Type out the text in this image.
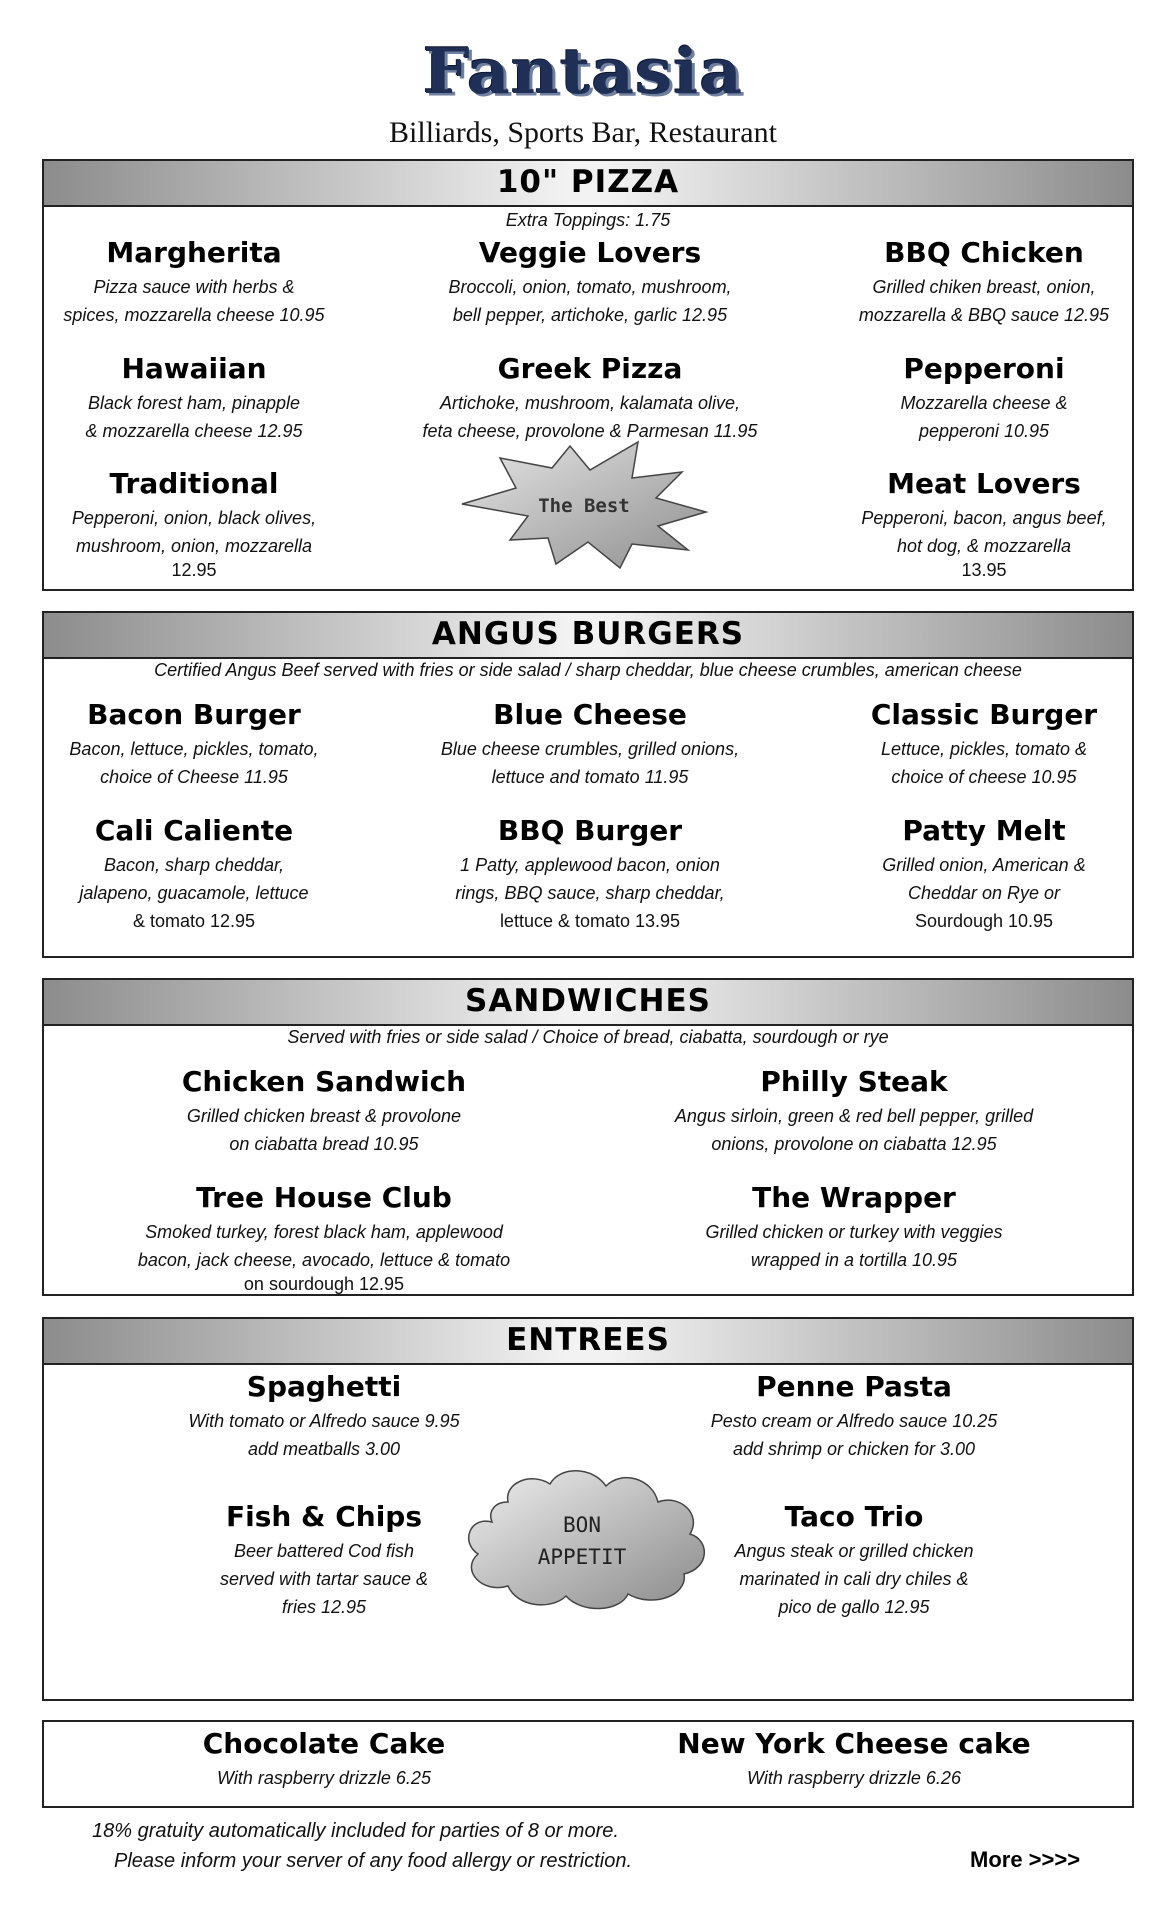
Fantasia
Billiards, Sports Bar, Restaurant
10" PIZZA
Extra Toppings: 1.75
Margherita
Pizza sauce with herbs &
spices, mozzarella cheese 10.95
Veggie Lovers
Broccoli, onion, tomato, mushroom,
bell pepper, artichoke, garlic 12.95
BBQ Chicken
Grilled chiken breast, onion,
mozzarella & BBQ sauce 12.95
Hawaiian
Black forest ham, pinapple
& mozzarella cheese 12.95
Greek Pizza
Artichoke, mushroom, kalamata olive,
feta cheese, provolone & Parmesan 11.95
Pepperoni
Mozzarella cheese &
pepperoni 10.95
Traditional
Pepperoni, onion, black olives,
mushroom, onion, mozzarella
12.95
Meat Lovers
Pepperoni, bacon, angus beef,
hot dog, & mozzarella
13.95
The Best
ANGUS BURGERS
Certified Angus Beef served with fries or side salad / sharp cheddar, blue cheese crumbles, american cheese
Bacon Burger
Bacon, lettuce, pickles, tomato,
choice of Cheese 11.95
Blue Cheese
Blue cheese crumbles, grilled onions,
lettuce and tomato 11.95
Classic Burger
Lettuce, pickles, tomato &
choice of cheese 10.95
Cali Caliente
Bacon, sharp cheddar,
jalapeno, guacamole, lettuce
& tomato 12.95
BBQ Burger
1 Patty, applewood bacon, onion
rings, BBQ sauce, sharp cheddar,
lettuce & tomato 13.95
Patty Melt
Grilled onion, American &
Cheddar on Rye or
Sourdough 10.95
SANDWICHES
Served with fries or side salad / Choice of bread, ciabatta, sourdough or rye
Chicken Sandwich
Grilled chicken breast & provolone
on ciabatta bread 10.95
Philly Steak
Angus sirloin, green & red bell pepper, grilled
onions, provolone on ciabatta 12.95
Tree House Club
Smoked turkey, forest black ham, applewood
bacon, jack cheese, avocado, lettuce & tomato
on sourdough 12.95
The Wrapper
Grilled chicken or turkey with veggies
wrapped in a tortilla 10.95
ENTREES
Spaghetti
With tomato or Alfredo sauce 9.95
add meatballs 3.00
Penne Pasta
Pesto cream or Alfredo sauce 10.25
add shrimp or chicken for 3.00
Fish & Chips
Beer battered Cod fish
served with tartar sauce &
fries 12.95
Taco Trio
Angus steak or grilled chicken
marinated in cali dry chiles &
pico de gallo 12.95
BON
APPETIT
Chocolate Cake
With raspberry drizzle 6.25
New York Cheese cake
With raspberry drizzle 6.26
18% gratuity automatically included for parties of 8 or more.
Please inform your server of any food allergy or restriction.	More >>>>
